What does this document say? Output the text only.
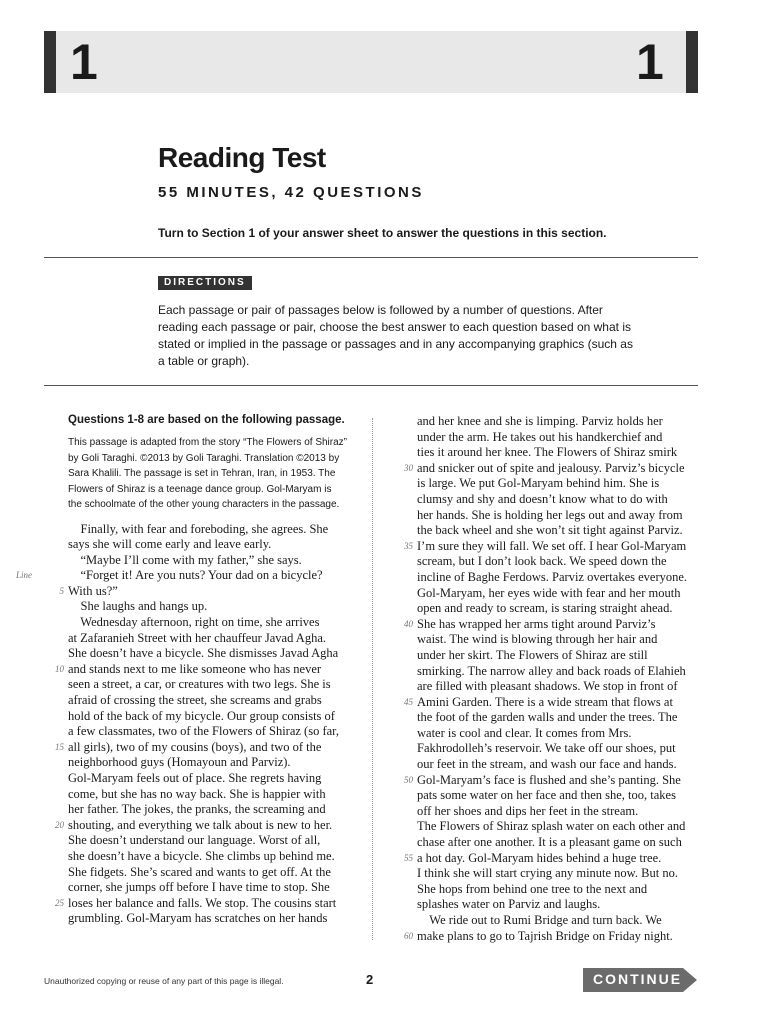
1	1
Reading Test
55 MINUTES, 42 QUESTIONS
Turn to Section 1 of your answer sheet to answer the questions in this section.
DIRECTIONS
Each passage or pair of passages below is followed by a number of questions. After reading each passage or pair, choose the best answer to each question based on what is stated or implied in the passage or passages and in any accompanying graphics (such as a table or graph).
Questions 1-8 are based on the following passage.
This passage is adapted from the story “The Flowers of Shiraz” by Goli Taraghi. ©2013 by Goli Taraghi. Translation ©2013 by Sara Khalili. The passage is set in Tehran, Iran, in 1953. The Flowers of Shiraz is a teenage dance group. Gol-Maryam is the schoolmate of the other young characters in the passage.
Finally, with fear and foreboding, she agrees. She
says she will come early and leave early.
“Maybe I’ll come with my father,” she says.
Line	“Forget it! Are you nuts? Your dad on a bicycle?
5 With us?”
She laughs and hangs up.
Wednesday afternoon, right on time, she arrives
at Zafaranieh Street with her chauffeur Javad Agha.
She doesn’t have a bicycle. She dismisses Javad Agha
10 and stands next to me like someone who has never
seen a street, a car, or creatures with two legs. She is
afraid of crossing the street, she screams and grabs
hold of the back of my bicycle. Our group consists of
a few classmates, two of the Flowers of Shiraz (so far,
15 all girls), two of my cousins (boys), and two of the
neighborhood guys (Homayoun and Parviz).
Gol-Maryam feels out of place. She regrets having
come, but she has no way back. She is happier with
her father. The jokes, the pranks, the screaming and
20 shouting, and everything we talk about is new to her.
She doesn’t understand our language. Worst of all,
she doesn’t have a bicycle. She climbs up behind me.
She fidgets. She’s scared and wants to get off. At the
corner, she jumps off before I have time to stop. She
25 loses her balance and falls. We stop. The cousins start
grumbling. Gol-Maryam has scratches on her hands
and her knee and she is limping. Parviz holds her
under the arm. He takes out his handkerchief and
ties it around her knee. The Flowers of Shiraz smirk
30 and snicker out of spite and jealousy. Parviz’s bicycle
is large. We put Gol-Maryam behind him. She is
clumsy and shy and doesn’t know what to do with
her hands. She is holding her legs out and away from
the back wheel and she won’t sit tight against Parviz.
35 I’m sure they will fall. We set off. I hear Gol-Maryam
scream, but I don’t look back. We speed down the
incline of Baghe Ferdows. Parviz overtakes everyone.
Gol-Maryam, her eyes wide with fear and her mouth
open and ready to scream, is staring straight ahead.
40 She has wrapped her arms tight around Parviz’s
waist. The wind is blowing through her hair and
under her skirt. The Flowers of Shiraz are still
smirking. The narrow alley and back roads of Elahieh
are filled with pleasant shadows. We stop in front of
45 Amini Garden. There is a wide stream that flows at
the foot of the garden walls and under the trees. The
water is cool and clear. It comes from Mrs.
Fakhrodolleh’s reservoir. We take off our shoes, put
our feet in the stream, and wash our face and hands.
50 Gol-Maryam’s face is flushed and she’s panting. She
pats some water on her face and then she, too, takes
off her shoes and dips her feet in the stream.
The Flowers of Shiraz splash water on each other and
chase after one another. It is a pleasant game on such
55 a hot day. Gol-Maryam hides behind a huge tree.
I think she will start crying any minute now. But no.
She hops from behind one tree to the next and
splashes water on Parviz and laughs.
We ride out to Rumi Bridge and turn back. We
60 make plans to go to Tajrish Bridge on Friday night.
Unauthorized copying or reuse of any part of this page is illegal.	2	CONTINUE
